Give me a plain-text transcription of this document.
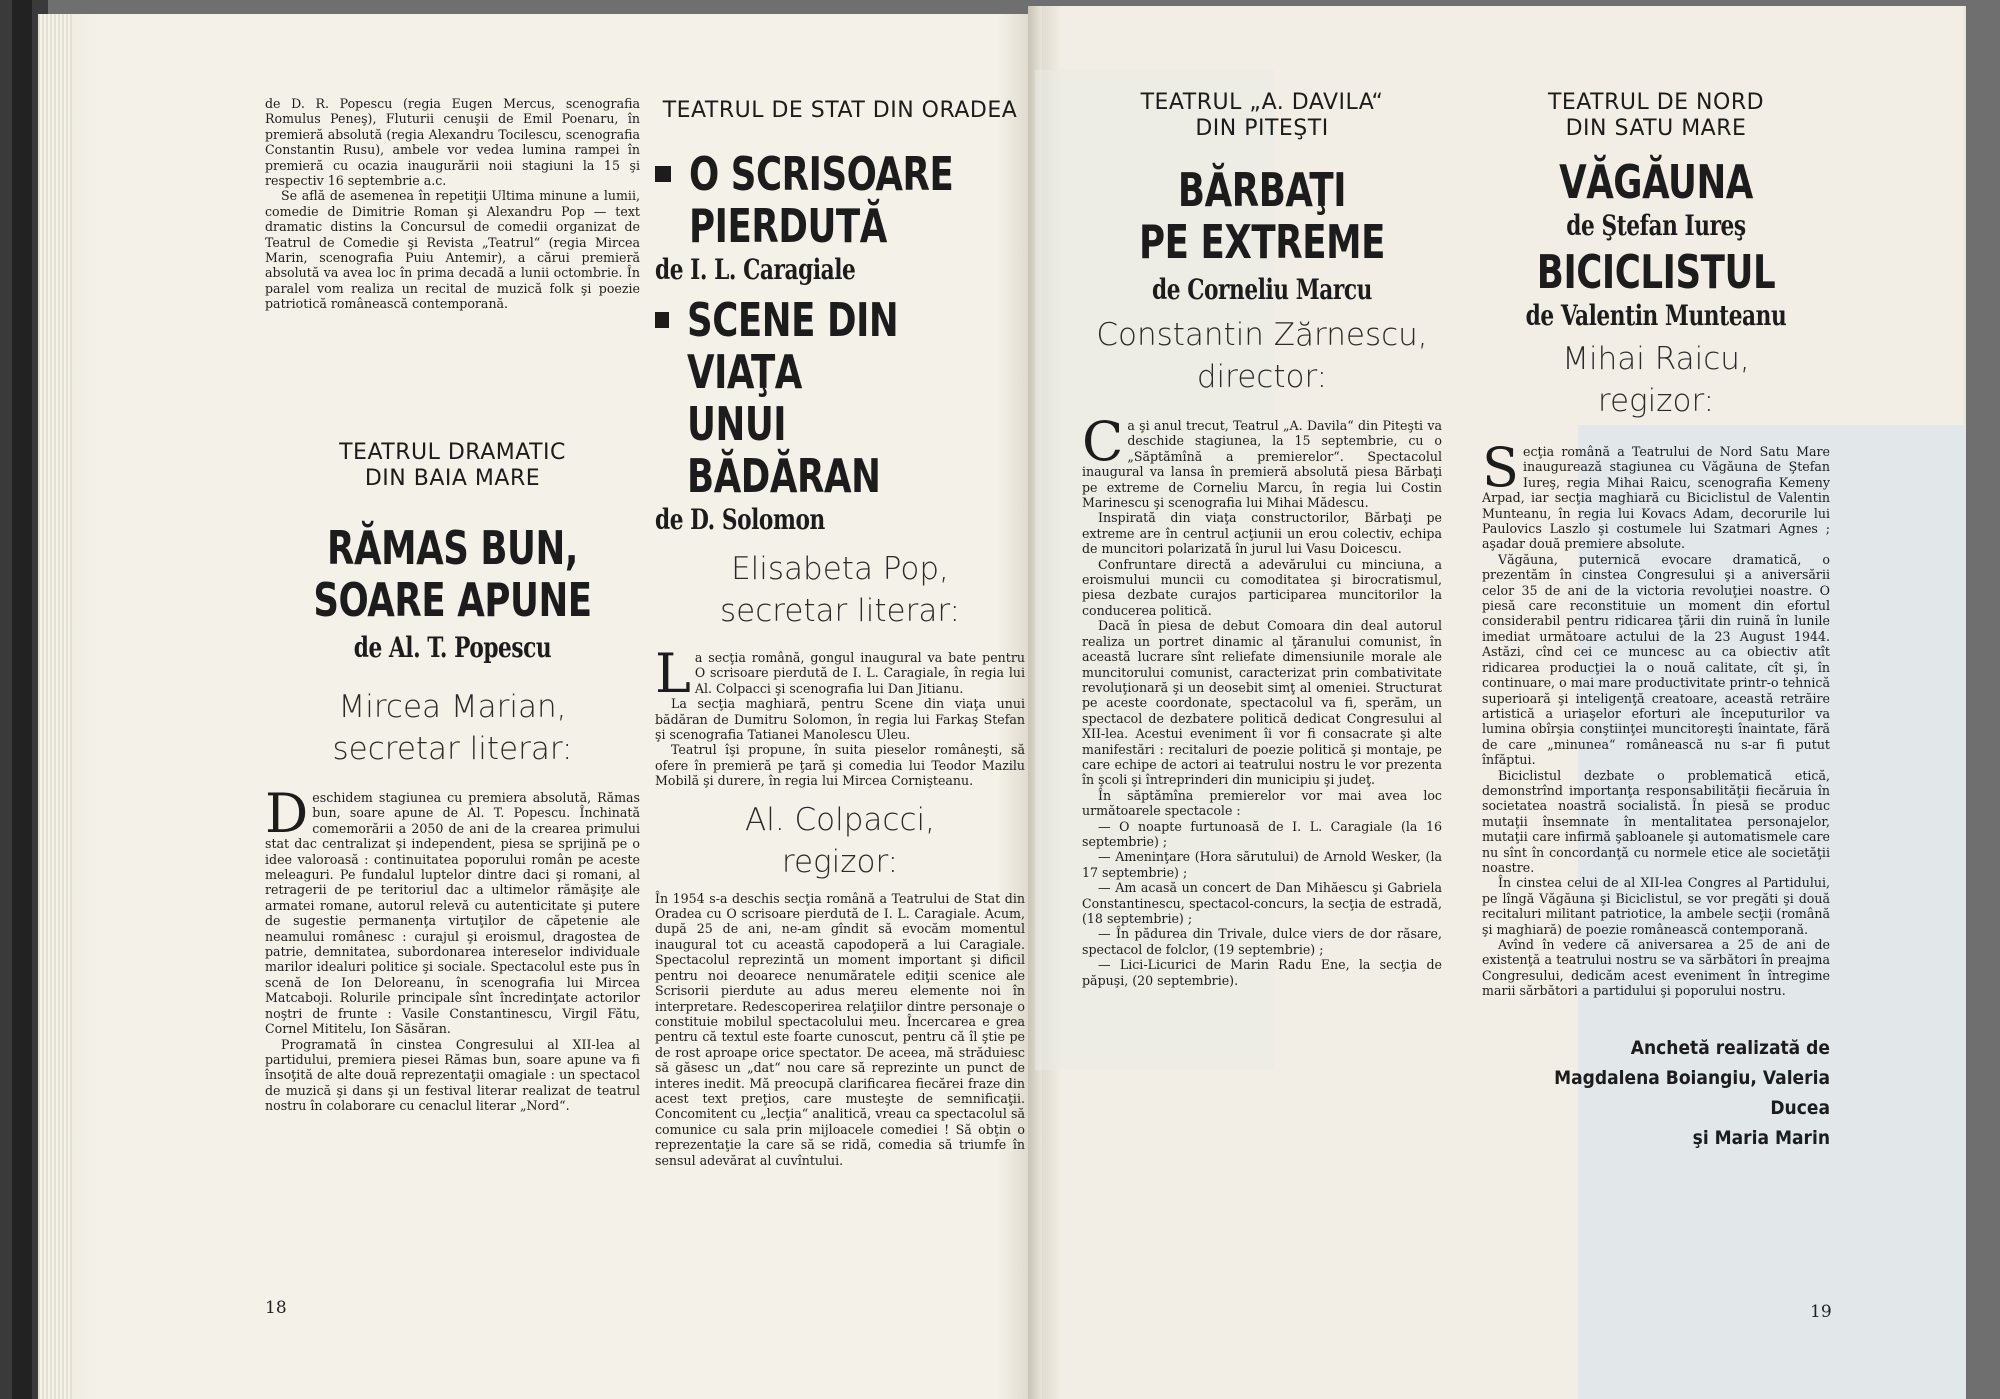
de D. R. Popescu (regia Eugen Mercus, scenografia Romulus Peneş), Fluturii cenuşii de Emil Poenaru, în premieră absolută (regia Alexandru Tocilescu, scenografia Constantin Rusu), ambele vor vedea lumina rampei în premieră cu ocazia inaugurării noii stagiuni la 15 şi respectiv 16 septembrie a.c.

Se află de asemenea în repetiţii Ultima minune a lumii, comedie de Dimitrie Roman şi Alexandru Pop — text dramatic distins la Concursul de comedii organizat de Teatrul de Comedie şi Revista „Teatrul“ (regia Mircea Marin, scenografia Puiu Antemir), a cărui premieră absolută va avea loc în prima decadă a lunii octombrie. În paralel vom realiza un recital de muzică folk şi poezie patriotică românească contemporană.

TEATRUL DRAMATIC
DIN BAIA MARE
RĂMAS BUN,
SOARE APUNE
de Al. T. Popescu
Mircea Marian,
secretar literar:
D eschidem stagiunea cu premiera absolută, Rămas bun, soare apune de Al. T. Popescu. Închinată comemorării a 2050 de ani de la crearea primului stat dac centralizat şi independent, piesa se sprijină pe o idee valoroasă : continuitatea poporului român pe aceste meleaguri. Pe fundalul luptelor dintre daci şi romani, al retragerii de pe teritoriul dac a ultimelor rămăşiţe ale armatei romane, autorul relevă cu autenticitate şi putere de sugestie permanenţa virtuţilor de căpetenie ale neamului românesc : curajul şi eroismul, dragostea de patrie, demnitatea, subordonarea intereselor individuale marilor idealuri politice şi sociale. Spectacolul este pus în scenă de Ion Deloreanu, în scenografia lui Mircea Matcaboji. Rolurile principale sînt încredinţate actorilor noştri de frunte : Vasile Constantinescu, Virgil Fătu, Cornel Mititelu, Ion Săsăran.

Programată în cinstea Congresului al XII-lea al partidului, premiera piesei Rămas bun, soare apune va fi însoţită de alte două reprezentaţii omagiale : un spectacol de muzică şi dans şi un festival literar realizat de teatrul nostru în colaborare cu cenaclul literar „Nord“.

18
TEATRUL DE STAT DIN ORADEA
O SCRISOARE
PIERDUTĂ
de I. L. Caragiale
SCENE DIN VIAŢA
UNUI BĂDĂRAN
de D. Solomon
Elisabeta Pop,
secretar literar:
L a secţia română, gongul inaugural va bate pentru O scrisoare pierdută de I. L. Caragiale, în regia lui Al. Colpacci şi scenografia lui Dan Jitianu.

La secţia maghiară, pentru Scene din viaţa unui bădăran de Dumitru Solomon, în regia lui Farkaş Stefan şi scenografia Tatianei Manolescu Uleu.

Teatrul îşi propune, în suita pieselor româneşti, să ofere în premieră pe ţară şi comedia lui Teodor Mazilu Mobilă şi durere, în regia lui Mircea Cornişteanu.

Al. Colpacci,
regizor:

În 1954 s-a deschis secţia română a Teatrului de Stat din Oradea cu O scrisoare pierdută de I. L. Caragiale. Acum, după 25 de ani, ne-am gîndit să evocăm momentul inaugural tot cu această capodoperă a lui Caragiale. Spectacolul reprezintă un moment important şi dificil pentru noi deoarece nenumăratele ediţii scenice ale Scrisorii pierdute au adus mereu elemente noi în interpretare. Redescoperirea relaţiilor dintre personaje o constituie mobilul spectacolului meu. Încercarea e grea pentru că textul este foarte cunoscut, pentru că îl ştie pe de rost aproape orice spectator. De aceea, mă străduiesc să găsesc un „dat“ nou care să reprezinte un punct de interes inedit. Mă preocupă clarificarea fiecărei fraze din acest text preţios, care musteşte de semnificaţii. Concomitent cu „lecţia“ analitică, vreau ca spectacolul să comunice cu sala prin mijloacele comediei ! Să obţin o reprezentaţie la care să se ridă, comedia să triumfe în sensul adevărat al cuvîntului.

TEATRUL „A. DAVILA“
DIN PITEŞTI
BĂRBAŢI
PE EXTREME
de Corneliu Marcu
Constantin Zărnescu,
director:
C a şi anul trecut, Teatrul „A. Davila“ din Piteşti va deschide stagiunea, la 15 septembrie, cu o „Săptămînă a premierelor“. Spectacolul inaugural va lansa în premieră absolută piesa Bărbaţi pe extreme de Corneliu Marcu, în regia lui Costin Marinescu şi scenografia lui Mihai Mădescu.

Inspirată din viaţa constructorilor, Bărbaţi pe extreme are în centrul acţiunii un erou colectiv, echipa de muncitori polarizată în jurul lui Vasu Doicescu.

Confruntare directă a adevărului cu minciuna, a eroismului muncii cu comoditatea şi birocratismul, piesa dezbate curajos participarea muncitorilor la conducerea politică.

Dacă în piesa de debut Comoara din deal autorul realiza un portret dinamic al ţăranului comunist, în această lucrare sînt reliefate dimensiunile morale ale muncitorului comunist, caracterizat prin combativitate revoluţionară şi un deosebit simţ al omeniei. Structurat pe aceste coordonate, spectacolul va fi, sperăm, un spectacol de dezbatere politică dedicat Congresului al XII-lea. Acestui eveniment îi vor fi consacrate şi alte manifestări : recitaluri de poezie politică şi montaje, pe care echipe de actori ai teatrului nostru le vor prezenta în şcoli şi întreprinderi din municipiu şi judeţ.

În săptămîna premierelor vor mai avea loc următoarele spectacole :

— O noapte furtunoasă de I. L. Caragiale (la 16 septembrie) ;

— Ameninţare (Hora sărutului) de Arnold Wesker, (la 17 septembrie) ;

— Am acasă un concert de Dan Mihăescu şi Gabriela Constantinescu, spectacol-concurs, la secţia de estradă, (18 septembrie) ;

— În pădurea din Trivale, dulce viers de dor răsare, spectacol de folclor, (19 septembrie) ;

— Lici-Licurici de Marin Radu Ene, la secţia de păpuşi, (20 septembrie).

TEATRUL DE NORD
DIN SATU MARE
VĂGĂUNA
de Ştefan Iureş
BICICLISTUL
de Valentin Munteanu
Mihai Raicu,
regizor:
S ecţia română a Teatrului de Nord Satu Mare inaugurează stagiunea cu Văgăuna de Ştefan Iureş, regia Mihai Raicu, scenografia Kemeny Arpad, iar secţia maghiară cu Biciclistul de Valentin Munteanu, în regia lui Kovacs Adam, decorurile lui Paulovics Laszlo şi costumele lui Szatmari Agnes ; aşadar două premiere absolute.

Văgăuna, puternică evocare dramatică, o prezentăm în cinstea Congresului şi a aniversării celor 35 de ani de la victoria revoluţiei noastre. O piesă care reconstituie un moment din efortul considerabil pentru ridicarea ţării din ruină în lunile imediat următoare actului de la 23 August 1944. Astăzi, cînd cei ce muncesc au ca obiectiv atît ridicarea producţiei la o nouă calitate, cît şi, în continuare, o mai mare productivitate printr-o tehnică superioară şi inteligenţă creatoare, această retrăire artistică a uriaşelor eforturi ale începuturilor va lumina obîrşia conştiinţei muncitoreşti înaintate, fără de care „minunea“ românească nu s-ar fi putut înfăptui.

Biciclistul dezbate o problematică etică, demonstrînd importanţa responsabilităţii fiecăruia în societatea noastră socialistă. În piesă se produc mutaţii însemnate în mentalitatea personajelor, mutaţii care infirmă şabloanele şi automatismele care nu sînt în concordanţă cu normele etice ale societăţii noastre.

În cinstea celui de al XII-lea Congres al Partidului, pe lîngă Văgăuna şi Biciclistul, se vor pregăti şi două recitaluri militant patriotice, la ambele secţii (română şi maghiară) de poezie românească contemporană.

Avînd în vedere că aniversarea a 25 de ani de existenţă a teatrului nostru se va sărbători în preajma Congresului, dedicăm acest eveniment în întregime marii sărbători a partidului şi poporului nostru.

Anchetă realizată de
Magdalena Boiangiu, Valeria Ducea
şi Maria Marin
19
